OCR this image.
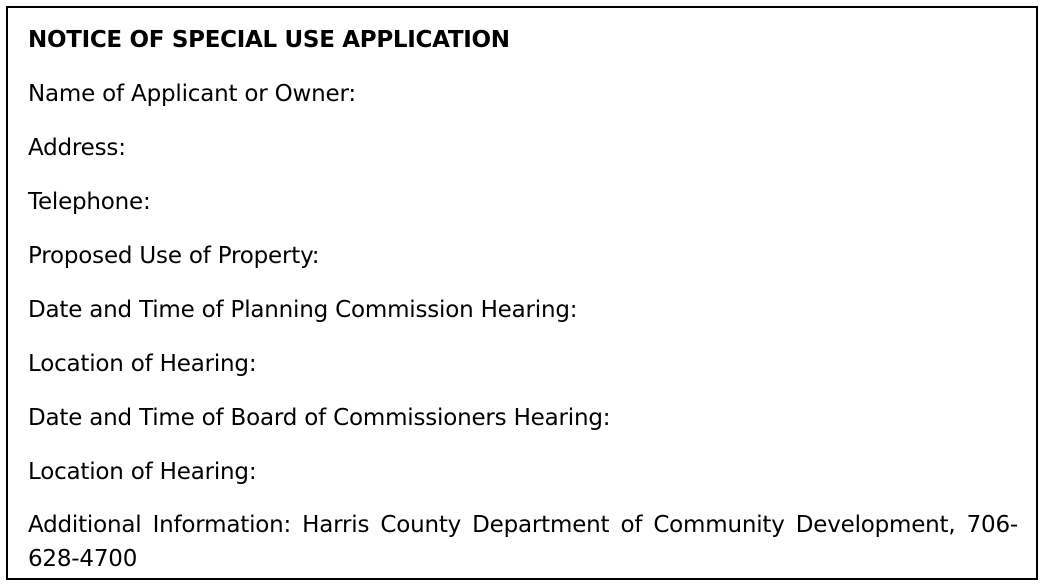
NOTICE OF SPECIAL USE APPLICATION

Name of Applicant or Owner:

Address:

Telephone:

Proposed Use of Property:

Date and Time of Planning Commission Hearing:

Location of Hearing:

Date and Time of Board of Commissioners Hearing:

Location of Hearing:

Additional Information: Harris County Department of Community Development, 706-628-4700
